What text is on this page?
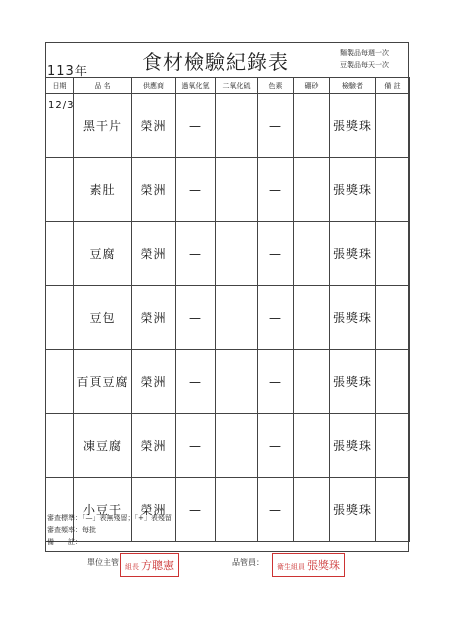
113年	食材檢驗紀錄表	麵製品每週一次
豆製品每天一次
日期	品 名	供應商	過氧化氫	二氧化硫	色素	硼砂	檢驗者	備 註

12/3	黑干片	榮洲	—		—		張獎珠	

	素肚	榮洲	—		—		張獎珠	

	豆腐	榮洲	—		—		張獎珠	

	豆包	榮洲	—		—		張獎珠	

	百頁豆腐	榮洲	—		—		張獎珠	

	凍豆腐	榮洲	—		—		張獎珠	

	小豆干	榮洲	—		—		張獎珠	
審查標準：「—」表無殘留；「+」表殘留
審查頻率：每批
備　　註：
單位主管 組長 方聰憲	品管員：	衛生組員 張獎珠
